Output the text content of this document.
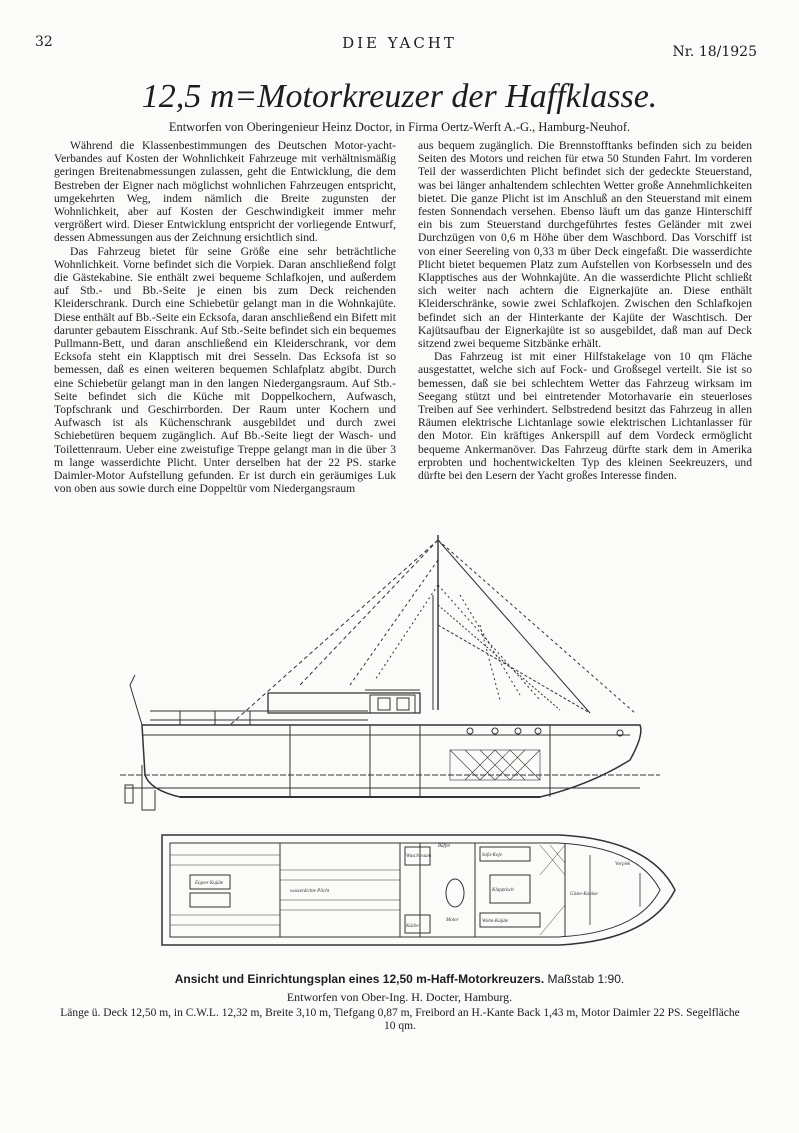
32	DIE YACHT	Nr. 18/1925
12,5 m=Motorkreuzer der Haffklasse.
Entworfen von Oberingenieur Heinz Doctor, in Firma Oertz-Werft A.-G., Hamburg-Neuhof.

Während die Klassenbestimmungen des Deutschen Motor-yacht-Verbandes auf Kosten der Wohnlichkeit Fahrzeuge mit verhältnismäßig geringen Breitenabmessungen zulassen, geht die Entwicklung, die dem Bestreben der Eigner nach möglichst wohnlichen Fahrzeugen entspricht, umgekehrten Weg, indem nämlich die Breite zugunsten der Wohnlichkeit, aber auf Kosten der Geschwindigkeit immer mehr vergrößert wird. Dieser Entwicklung entspricht der vorliegende Entwurf, dessen Abmessungen aus der Zeichnung ersichtlich sind.

Das Fahrzeug bietet für seine Größe eine sehr beträchtliche Wohnlichkeit. Vorne befindet sich die Vorpiek. Daran anschließend folgt die Gästekabine. Sie enthält zwei bequeme Schlafkojen, und außerdem auf Stb.- und Bb.-Seite je einen bis zum Deck reichenden Kleiderschrank. Durch eine Schiebetür gelangt man in die Wohnkajüte. Diese enthält auf Bb.-Seite ein Ecksofa, daran anschließend ein Bifett mit darunter gebautem Eisschrank. Auf Stb.-Seite befindet sich ein bequemes Pullmann-Bett, und daran anschließend ein Kleiderschrank, vor dem Ecksofa steht ein Klapptisch mit drei Sesseln. Das Ecksofa ist so bemessen, daß es einen weiteren bequemen Schlafplatz abgibt. Durch eine Schiebetür gelangt man in den langen Niedergangsraum. Auf Stb.-Seite befindet sich die Küche mit Doppelkochern, Aufwasch, Topfschrank und Geschirrborden. Der Raum unter Kochern und Aufwasch ist als Küchenschrank ausgebildet und durch zwei Schiebetüren bequem zugänglich. Auf Bb.-Seite liegt der Wasch- und Toilettenraum. Ueber eine zweistufige Treppe gelangt man in die über 3 m lange wasserdichte Plicht. Unter derselben hat der 22 PS. starke Daimler-Motor Aufstellung gefunden. Er ist durch ein geräumiges Luk von oben aus sowie durch eine Doppeltür vom Niedergangsraum

aus bequem zugänglich. Die Brennstofftanks befinden sich zu beiden Seiten des Motors und reichen für etwa 50 Stunden Fahrt. Im vorderen Teil der wasserdichten Plicht befindet sich der gedeckte Steuerstand, was bei länger anhaltendem schlechten Wetter große Annehmlichkeiten bietet. Die ganze Plicht ist im Anschluß an den Steuerstand mit einem festen Sonnendach versehen. Ebenso läuft um das ganze Hinterschiff ein bis zum Steuerstand durchgeführtes festes Geländer mit zwei Durchzügen von 0,6 m Höhe über dem Waschbord. Das Vorschiff ist von einer Seereling von 0,33 m über Deck eingefaßt. Die wasserdichte Plicht bietet bequemen Platz zum Aufstellen von Korbsesseln und des Klapptisches aus der Wohnkajüte. An die wasserdichte Plicht schließt sich weiter nach achtern die Eignerkajüte an. Diese enthält Kleiderschränke, sowie zwei Schlafkojen. Zwischen den Schlafkojen befindet sich an der Hinterkante der Kajüte der Waschtisch. Der Kajütsaufbau der Eignerkajüte ist so ausgebildet, daß man auf Deck sitzend zwei bequeme Sitzbänke erhält.

Das Fahrzeug ist mit einer Hilfstakelage von 10 qm Fläche ausgestattet, welche sich auf Fock- und Großsegel verteilt. Sie ist so bemessen, daß sie bei schlechtem Wetter das Fahrzeug wirksam im Seegang stützt und bei eintretender Motorhavarie ein steuerloses Treiben auf See verhindert. Selbstredend besitzt das Fahrzeug in allen Räumen elektrische Lichtanlage sowie elektrischen Lichtanlasser für den Motor. Ein kräftiges Ankerspill auf dem Vordeck ermöglicht bequeme Ankermanöver. Das Fahrzeug dürfte stark dem in Amerika erprobten und hochentwickelten Typ des kleinen Seekreuzers, und dürfte bei den Lesern der Yacht großes Interesse finden.

Eigner Kajüte
wasserdichte Plicht
Wasch-raum
Büffet
Sofa-Koje
Klapptisch
Wohn-Kajüte
Küche
Motor
Gäste-Kabine
Vorpiek
Ansicht und Einrichtungsplan eines 12,50 m-Haff-Motorkreuzers. Maßstab 1:90.
Entworfen von Ober-Ing. H. Docter, Hamburg.
Länge ü. Deck 12,50 m, in C.W.L. 12,32 m, Breite 3,10 m, Tiefgang 0,87 m, Freibord an H.-Kante Back 1,43 m, Motor Daimler 22 PS. Segelfläche 10 qm.
